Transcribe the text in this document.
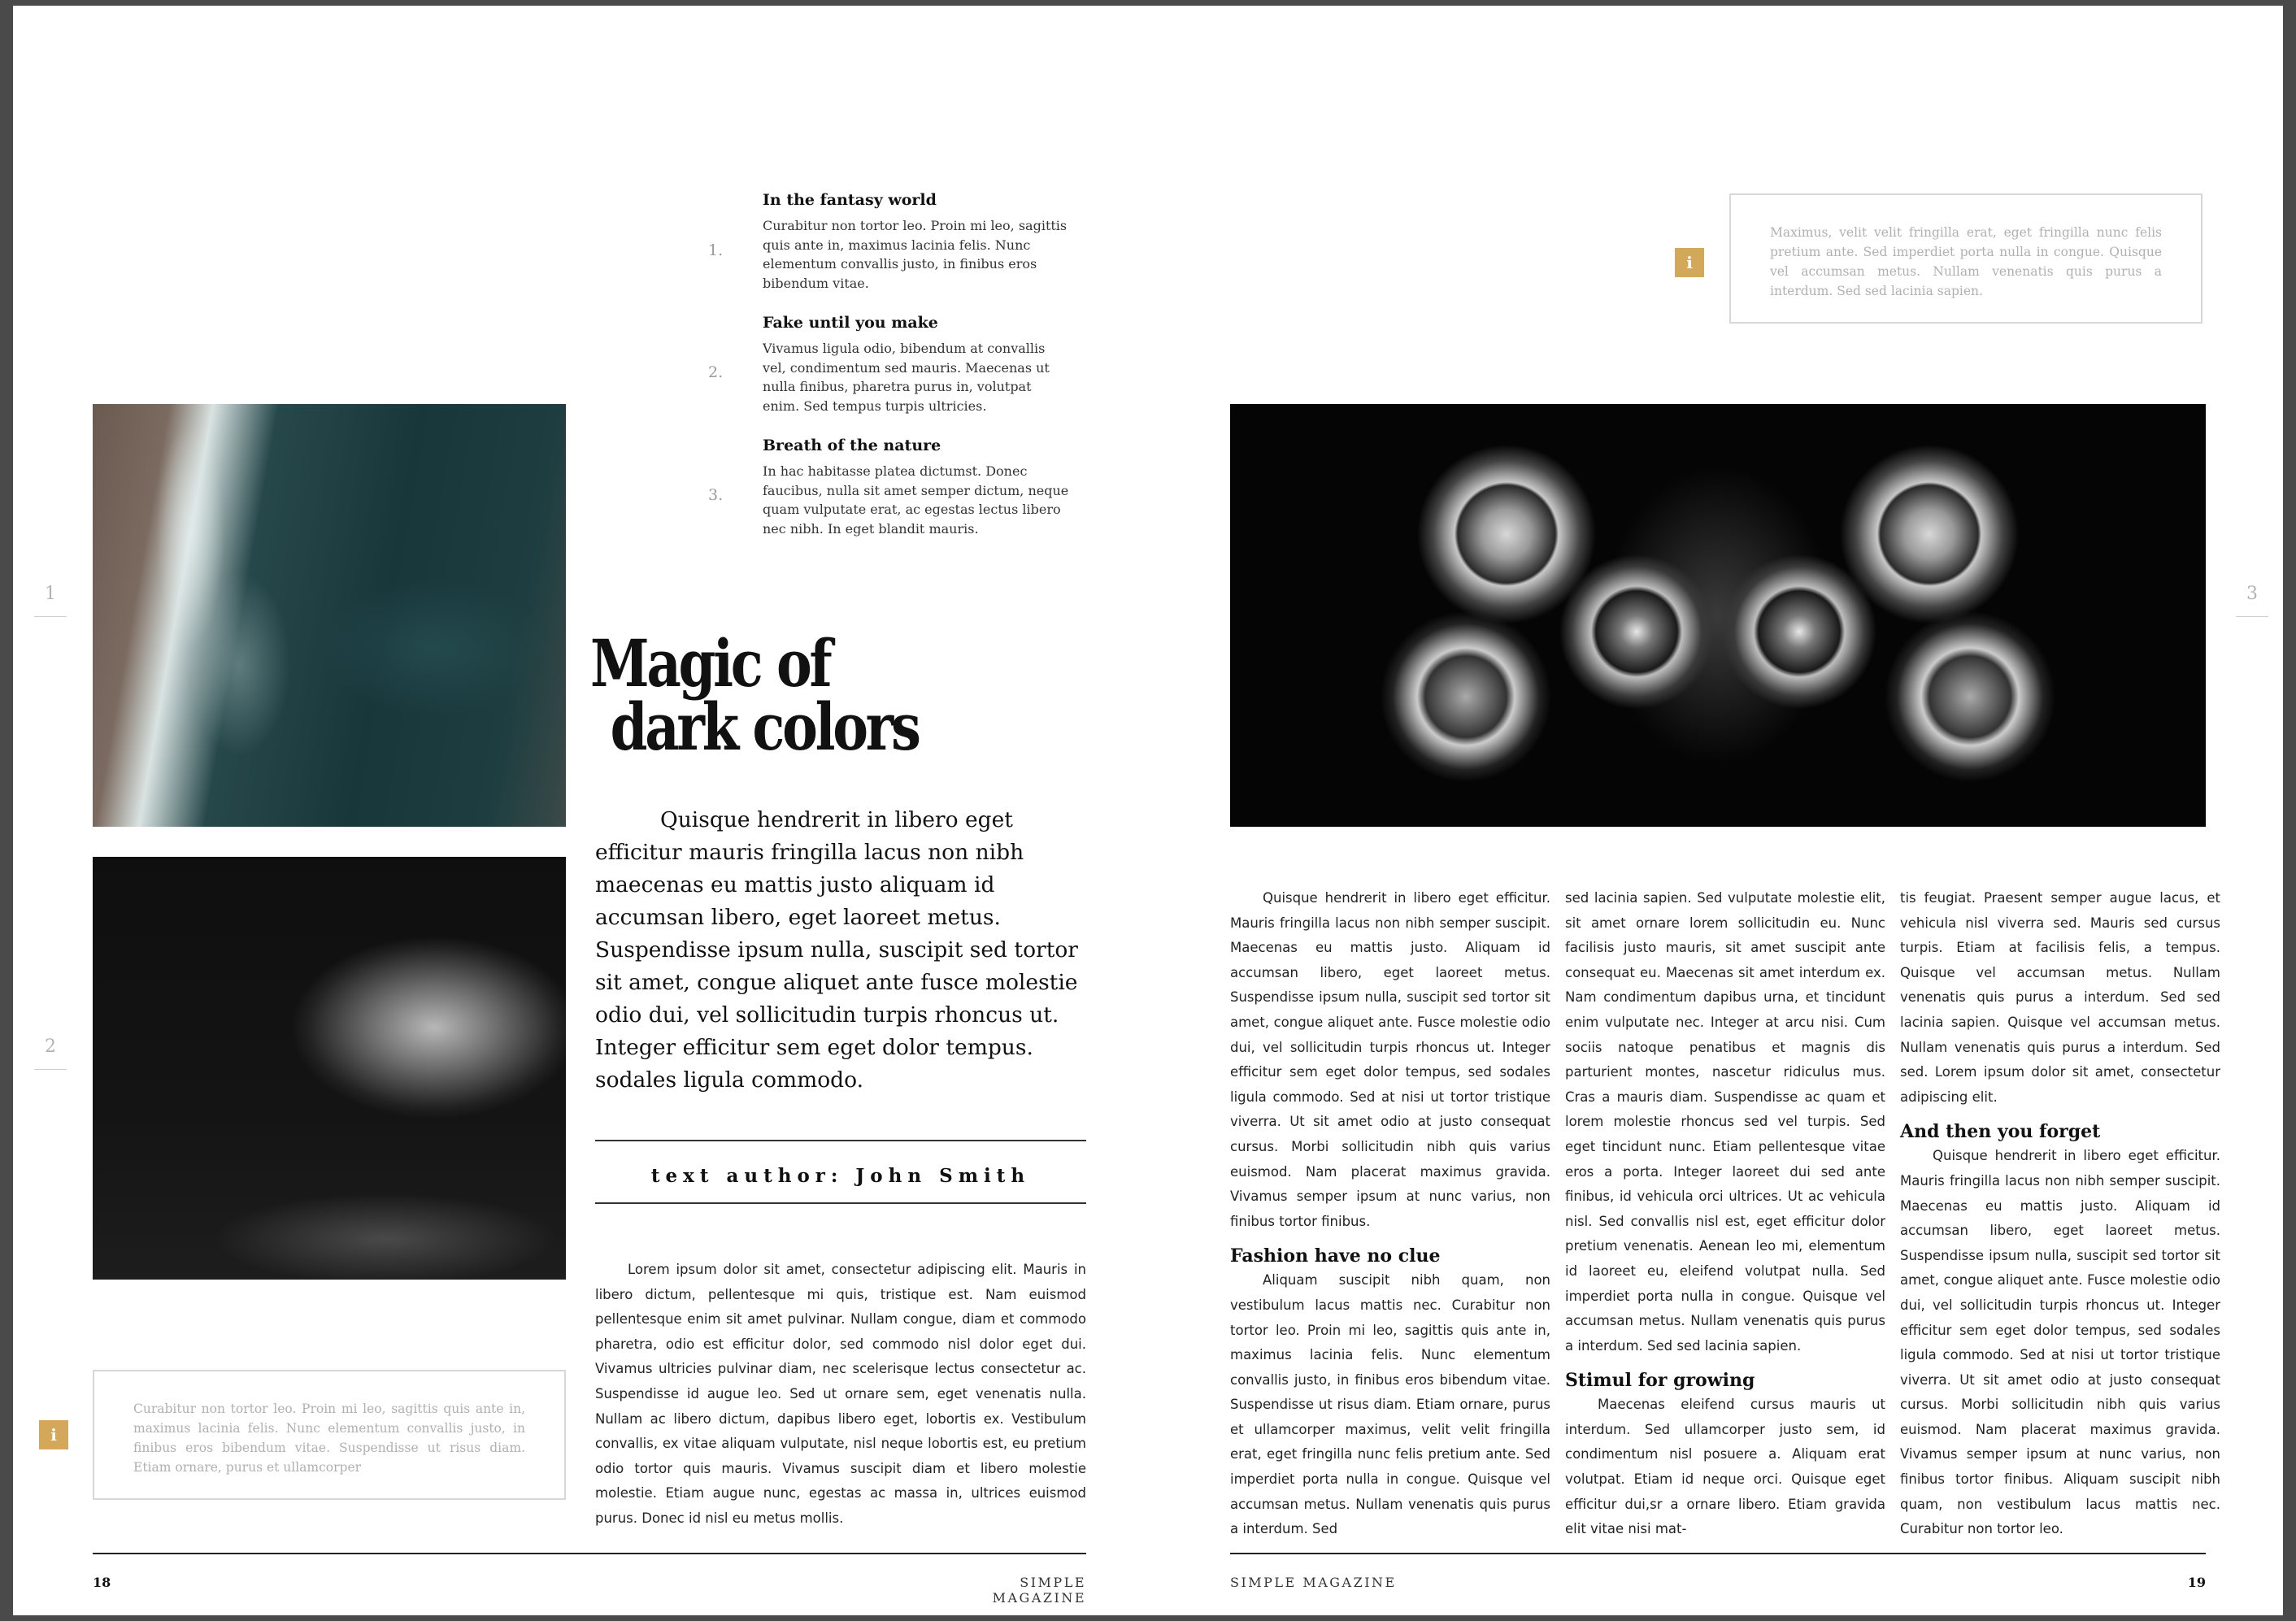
1
2
1.
In the fantasy world
Curabitur non tortor leo. Proin mi leo, sagittis
quis ante in, maximus lacinia felis. Nunc
elementum convallis justo, in finibus eros
bibendum vitae.
2.
Fake until you make
Vivamus ligula odio, bibendum at convallis
vel, condimentum sed mauris. Maecenas ut
nulla finibus, pharetra purus in, volutpat
enim. Sed tempus turpis ultricies.
3.
Breath of the nature
In hac habitasse platea dictumst. Donec
faucibus, nulla sit amet semper dictum, neque
quam vulputate erat, ac egestas lectus libero
nec nibh. In eget blandit mauris.
Magic of
dark colors
Quisque hendrerit in libero eget efficitur mauris fringilla lacus non nibh maecenas eu mattis justo aliquam id accumsan libero, eget laoreet metus. Suspendisse ipsum nulla, suscipit sed tortor sit amet, congue aliquet ante fusce molestie odio dui, vel sollicitudin turpis rhoncus ut. Integer efficitur sem eget dolor tempus. sodales ligula commodo.
text author: John Smith
Lorem ipsum dolor sit amet, consectetur adipiscing elit. Mauris in libero dictum, pellentesque mi quis, tristique est. Nam euismod pellentesque enim sit amet pulvinar. Nullam congue, diam et commodo pharetra, odio est efficitur dolor, sed commodo nisl dolor eget dui. Vivamus ultricies pulvinar diam, nec scelerisque lectus consectetur ac. Suspendisse id augue leo. Sed ut ornare sem, eget venenatis nulla. Nullam ac libero dictum, dapibus libero eget, lobortis ex. Vestibulum convallis, ex vitae aliquam vulputate, nisl neque lobortis est, eu pretium odio tortor quis mauris. Vivamus suscipit diam et libero molestie molestie. Etiam augue nunc, egestas ac massa in, ultrices euismod purus. Donec id nisl eu metus mollis.
i
Curabitur non tortor leo. Proin mi leo, sagittis quis ante in, maximus lacinia felis. Nunc elementum convallis justo, in finibus eros bibendum vitae. Suspendisse ut risus diam. Etiam ornare, purus et ullamcorper
18	SIMPLE MAGAZINE
3
i
Maximus, velit velit fringilla erat, eget fringilla nunc felis pretium ante. Sed imperdiet porta nulla in congue. Quisque vel accumsan metus. Nullam venenatis quis purus a interdum. Sed sed lacinia sapien.

Quisque hendrerit in libero eget efficitur. Mauris fringilla lacus non nibh semper suscipit. Maecenas eu mattis justo. Aliquam id accumsan libero, eget laoreet metus. Suspendisse ipsum nulla, suscipit sed tortor sit amet, congue aliquet ante. Fusce molestie odio dui, vel sollicitudin turpis rhoncus ut. Integer efficitur sem eget dolor tempus, sed sodales ligula commodo. Sed at nisi ut tortor tristique viverra. Ut sit amet odio at justo consequat cursus. Morbi sollicitudin nibh quis varius euismod. Nam placerat maximus gravida. Vivamus semper ipsum at nunc varius, non finibus tortor finibus.

Fashion have no clue

Aliquam suscipit nibh quam, non vestibulum lacus mattis nec. Curabitur non tortor leo. Proin mi leo, sagittis quis ante in, maximus lacinia felis. Nunc elementum convallis justo, in finibus eros bibendum vitae. Suspendisse ut risus diam. Etiam ornare, purus et ullamcorper maximus, velit velit fringilla erat, eget fringilla nunc felis pretium ante. Sed imperdiet porta nulla in congue. Quisque vel accumsan metus. Nullam venenatis quis purus a interdum. Sed

sed lacinia sapien. Sed vulputate molestie elit, sit amet ornare lorem sollicitudin eu. Nunc facilisis justo mauris, sit amet suscipit ante consequat eu. Maecenas sit amet interdum ex. Nam condimentum dapibus urna, et tincidunt enim vulputate nec. Integer at arcu nisi. Cum sociis natoque penatibus et magnis dis parturient montes, nascetur ridiculus mus. Cras a mauris diam. Suspendisse ac quam et lorem molestie rhoncus sed vel turpis. Sed eget tincidunt nunc. Etiam pellentesque vitae eros a porta. Integer laoreet dui sed ante finibus, id vehicula orci ultrices. Ut ac vehicula nisl. Sed convallis nisl est, eget efficitur dolor pretium venenatis. Aenean leo mi, elementum id laoreet eu, eleifend volutpat nulla. Sed imperdiet porta nulla in congue. Quisque vel accumsan metus. Nullam venenatis quis purus a interdum. Sed sed lacinia sapien.

Stimul for growing

Maecenas eleifend cursus mauris ut interdum. Sed ullamcorper justo sem, id condimentum nisl posuere a. Aliquam erat volutpat. Etiam id neque orci. Quisque eget efficitur dui,sr a ornare libero. Etiam gravida elit vitae nisi mat-

tis feugiat. Praesent semper augue lacus, et vehicula nisl viverra sed. Mauris sed cursus turpis. Etiam at facilisis felis, a tempus. Quisque vel accumsan metus. Nullam venenatis quis purus a interdum. Sed sed lacinia sapien. Quisque vel accumsan metus. Nullam venenatis quis purus a interdum. Sed sed. Lorem ipsum dolor sit amet, consectetur adipiscing elit.

And then you forget

Quisque hendrerit in libero eget efficitur. Mauris fringilla lacus non nibh semper suscipit. Maecenas eu mattis justo. Aliquam id accumsan libero, eget laoreet metus. Suspendisse ipsum nulla, suscipit sed tortor sit amet, congue aliquet ante. Fusce molestie odio dui, vel sollicitudin turpis rhoncus ut. Integer efficitur sem eget dolor tempus, sed sodales ligula commodo. Sed at nisi ut tortor tristique viverra. Ut sit amet odio at justo consequat cursus. Morbi sollicitudin nibh quis varius euismod. Nam placerat maximus gravida. Vivamus semper ipsum at nunc varius, non finibus tortor finibus. Aliquam suscipit nibh quam, non vestibulum lacus mattis nec. Curabitur non tortor leo.

SIMPLE MAGAZINE	19
